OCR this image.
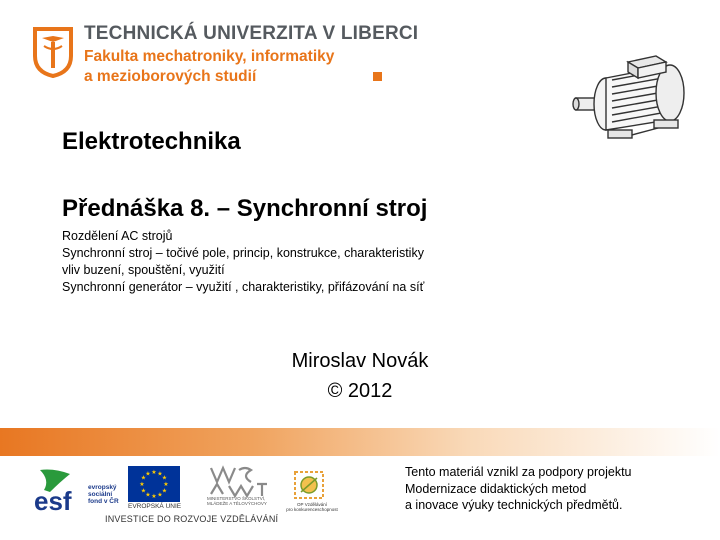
TECHNICKÁ UNIVERZITA V LIBERCI
Fakulta mechatroniky, informatiky
a mezioborových studií
Elektrotechnika
Přednáška 8. – Synchronní stroj
Rozdělení AC strojů
Synchronní stroj – točivé pole, princip, konstrukce, charakteristiky
vliv buzení, spouštění, využití
Synchronní generátor – využití , charakteristiky, přifázování na síť
Miroslav Novák
© 2012
esf	evropský
sociální
fond v ČR
★ ★
★
★
★
★
★
★
★
★
★
★
EVROPSKÁ UNIE
MINISTERSTVO ŠKOLSTVÍ, MLÁDEŽE A TĚLOVÝCHOVY	OP Vzdělávání
pro konkurenceschopnost
INVESTICE DO ROZVOJE VZDĚLÁVÁNÍ
Tento materiál vznikl za podpory projektu
Modernizace didaktických metod
a inovace výuky technických předmětů.
